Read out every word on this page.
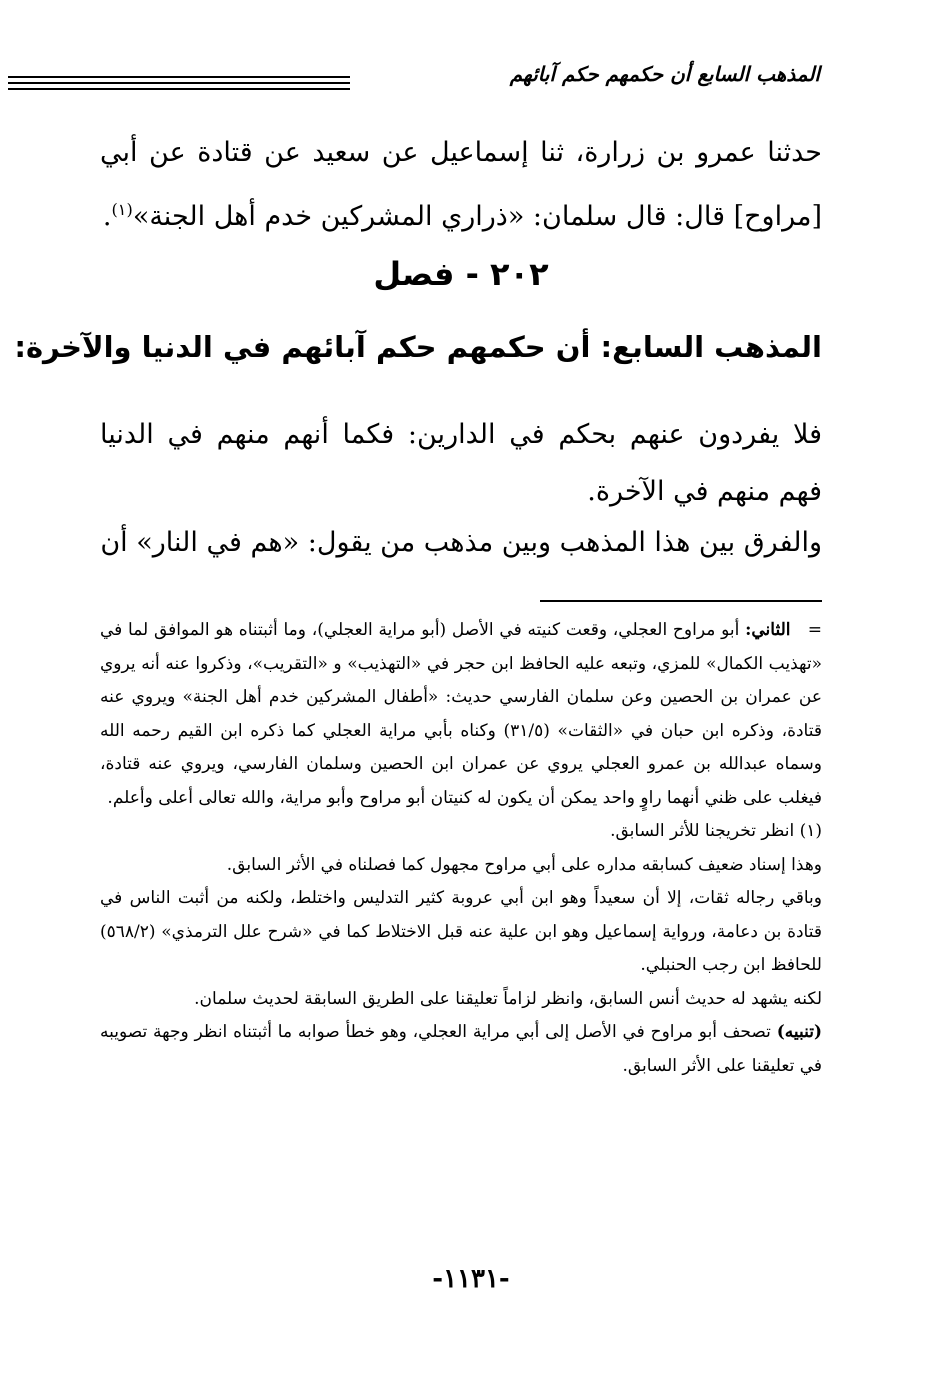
المذهب السابع أن حكمهم حكم آبائهم
حدثنا عمرو بن زرارة، ثنا إسماعيل عن سعيد عن قتادة عن أبي [مراوح] قال: قال سلمان: «ذراري المشركين خدم أهل الجنة»$^{(١)}$.
٢٠٢ - فصل
المذهب السابع: أن حكمهم حكم آبائهم في الدنيا والآخرة:
فلا يفردون عنهم بحكم في الدارين: فكما أنهم منهم في الدنيا فهم منهم في الآخرة.
والفرق بين هذا المذهب وبين مذهب من يقول: «هم في النار» أن

=   الثاني: أبو مراوح العجلي، وقعت كنيته في الأصل (أبو مراية العجلي)، وما أثبتناه هو الموافق لما في «تهذيب الكمال» للمزي، وتبعه عليه الحافظ ابن حجر في «التهذيب» و «التقريب»، وذكروا عنه أنه يروي عن عمران بن الحصين وعن سلمان الفارسي حديث: «أطفال المشركين خدم أهل الجنة» ويروي عنه قتادة، وذكره ابن حبان في «الثقات» (٣١/٥) وكناه بأبي مراية العجلي كما ذكره ابن القيم رحمه الله وسماه عبدالله بن عمرو العجلي يروي عن عمران ابن الحصين وسلمان الفارسي، ويروي عنه قتادة، فيغلب على ظني أنهما راوٍ واحد يمكن أن يكون له كنيتان أبو مراوح وأبو مراية، والله تعالى أعلى وأعلم.

(١) انظر تخريجنا للأثر السابق.

وهذا إسناد ضعيف كسابقه مداره على أبي مراوح مجهول كما فصلناه في الأثر السابق.

وباقي رجاله ثقات، إلا أن سعيداً وهو ابن أبي عروبة كثير التدليس واختلط، ولكنه من أثبت الناس في قتادة بن دعامة، ورواية إسماعيل وهو ابن علية عنه قبل الاختلاط كما في «شرح علل الترمذي» (٥٦٨/٢) للحافظ ابن رجب الحنبلي.

لكنه يشهد له حديث أنس السابق، وانظر لزاماً تعليقنا على الطريق السابقة لحديث سلمان.

(تنبيه) تصحف أبو مراوح في الأصل إلى أبي مراية العجلي، وهو خطأ صوابه ما أثبتناه انظر وجهة تصويبه في تعليقنا على الأثر السابق.

-١١٣١-
